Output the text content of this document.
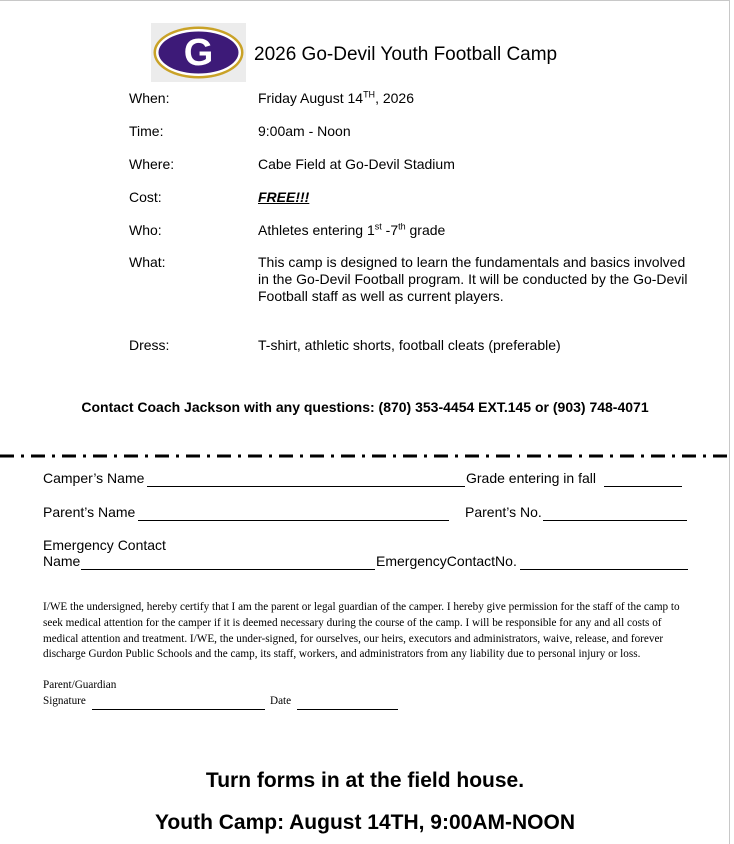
G 2026 Go-Devil Youth Football Camp
When:	Friday August 14TH, 2026
Time:	9:00am - Noon
Where:	Cabe Field at Go-Devil Stadium
Cost:	FREE!!!
Who:	Athletes entering 1st -7th grade
What:	This camp is designed to learn the fundamentals and basics involved in the Go-Devil Football program. It will be conducted by the Go-Devil Football staff as well as current players.
Dress:	T-shirt, athletic shorts, football cleats (preferable)
Contact Coach Jackson with any questions: (870) 353-4454 EXT.145 or (903) 748-4071
Camper’s Name	Grade entering in fall
Parent’s Name	Parent’s No.
Emergency Contact
Name	EmergencyContactNo.
I/WE the undersigned, hereby certify that I am the parent or legal guardian of the camper. I hereby give permission for the staff of the camp to seek medical attention for the camper if it is deemed necessary during the course of the camp. I will be responsible for any and all costs of medical attention and treatment. I/WE, the under-signed, for ourselves, our heirs, executors and administrators, waive, release, and forever discharge Gurdon Public Schools and the camp, its staff, workers, and administrators from any liability due to personal injury or loss.
Parent/Guardian
Signature	Date
Turn forms in at the field house.
Youth Camp: August 14TH, 9:00AM-NOON
